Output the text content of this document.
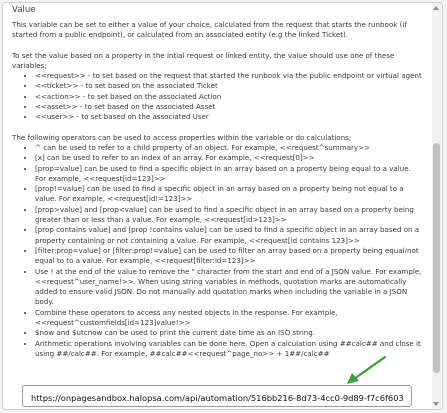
Value

This variable can be set to either a value of your choice, calculated from the request that starts the runbook (if started from a public endpoint), or calculated from an associated entity (e.g the linked Ticket).

To set the value based on a property in the intial request or linked entity, the value should use one of these variables;

• <<request>> - to set based on the request that started the runbook via the public endpoint or virtual agent
• <<ticket>> - to set based on the associated Ticket
• <<action>> - to set based on the associated Action
• <<asset>> - to set based on the associated Asset
• <<user>> - to set based on the associated User

The following operators can be used to access properties within the variable or do calculations;

• ^ can be used to refer to a child property of an object. For example, <<request^summary>>
• [x] can be used to refer to an index of an array. For example, <<request[0]>>
• [prop=value] can be used to find a specific object in an array based on a property being equal to a value. For example, <<request[id=123]>>
• [prop!=value] can be used to find a specific object in an array based on a property being not equal to a value. For example, <<request[id!=123]>>
• [prop>value] and [prop<value] can be used to find a specific object in an array based on a property being greater than or less than a value. For example, <<request[id>123]>>
• [prop contains value] and [prop !contains value] can be used to find a specific object in an array based on a property containing or not containing a value. For example, <<request[id contains 123]>>
• [filter:prop=value] or [filter:prop!=value] can be used to filter an array based on a property being equal/not equal to to a value. For example, <<request[filter:id=123]>>
• Use ! at the end of the value to remove the " character from the start and end of a JSON value. For example, <<request^user_name!>>. When using string variables in methods, quotation marks are automatically added to ensure valid JSON. Do not manually add quotation marks when including the variable in a JSON body.
• Combine these operators to access any nested objects in the response. For example, <<request^customfields[id=123]value!>>
• $now and $utcnow can be used to print the current date time as an ISO string.
• Arithmetic operations involving variables can be done here. Open a calculation using ##calc## and close it using ##/calc##. For example, ##calc##<<request^page_no>> + 1##/calc##
https://onpagesandbox.halopsa.com/api/automation/516bb216-8d73-4cc0-9d89-f7c6f603
